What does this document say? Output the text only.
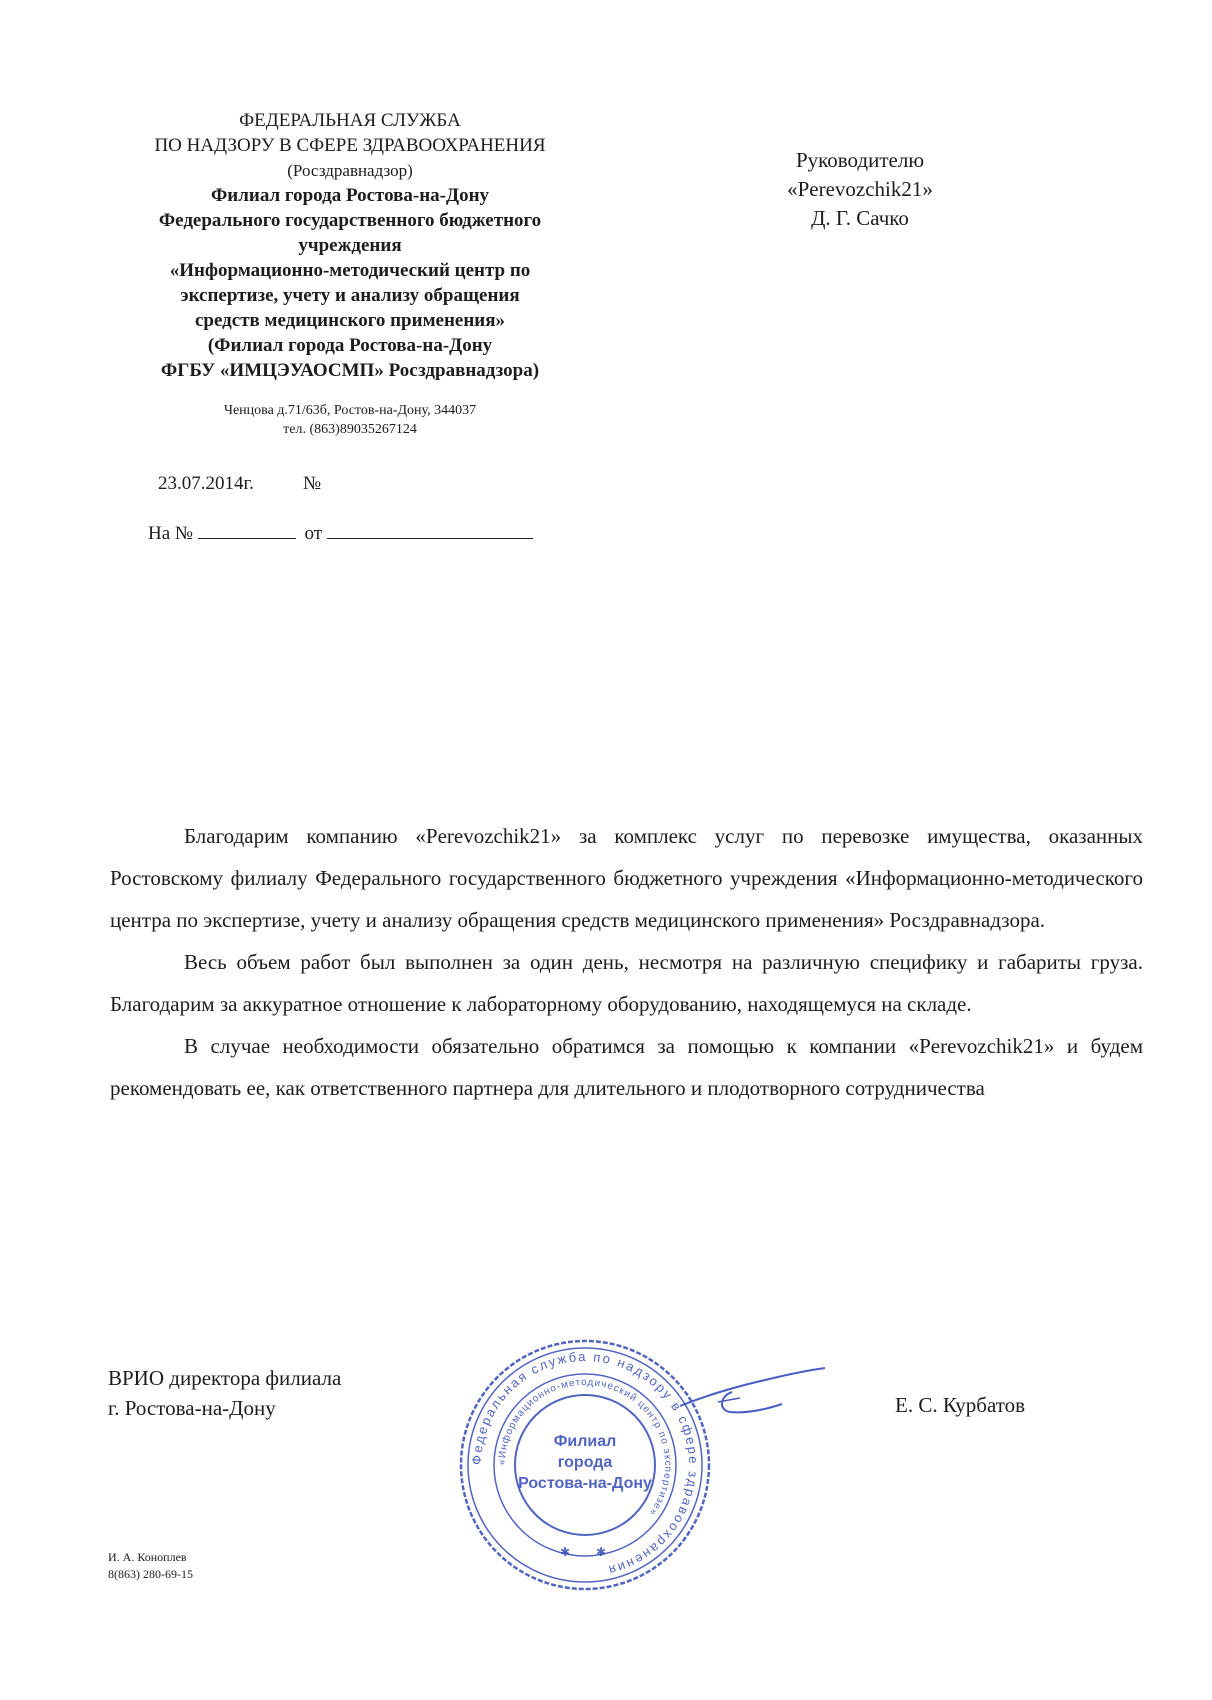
ФЕДЕРАЛЬНАЯ СЛУЖБА
ПО НАДЗОРУ В СФЕРЕ ЗДРАВООХРАНЕНИЯ
(Росздравнадзор)
Филиал города Ростова-на-Дону
Федерального государственного бюджетного
учреждения
«Информационно-методический центр по
экспертизе, учету и анализу обращения
средств медицинского применения»
(Филиал города Ростова-на-Дону
ФГБУ «ИМЦЭУАОСМП» Росздравнадзора)
Ченцова д.71/63б, Ростов-на-Дону, 344037
тел. (863)89035267124
23.07.2014г.	№
На №	от
Руководителю
«Perevozchik21»
Д. Г. Сачко

Благодарим компанию «Perevozchik21» за комплекс услуг по перевозке имущества, оказанных Ростовскому филиалу Федерального государственного бюджетного учреждения «Информационно-методического центра по экспертизе, учету и анализу обращения средств медицинского применения» Росздравнадзора.

Весь объем работ был выполнен за один день, несмотря на различную специфику и габариты груза. Благодарим за аккуратное отношение к лабораторному оборудованию, находящемуся на складе.

В случае необходимости обязательно обратимся за помощью к компании «Perevozchik21» и будем рекомендовать ее, как ответственного партнера для длительного и плодотворного сотрудничества

ВРИО директора филиала
г. Ростова-на-Дону	Е. С. Курбатов
Федеральная служба по надзору в сфере здравоохранения
«Информационно-методический центр по экспертизе»
Филиал
города
Ростова-на-Дону
✱ ✱
И. А. Коноплев
8(863) 280-69-15
